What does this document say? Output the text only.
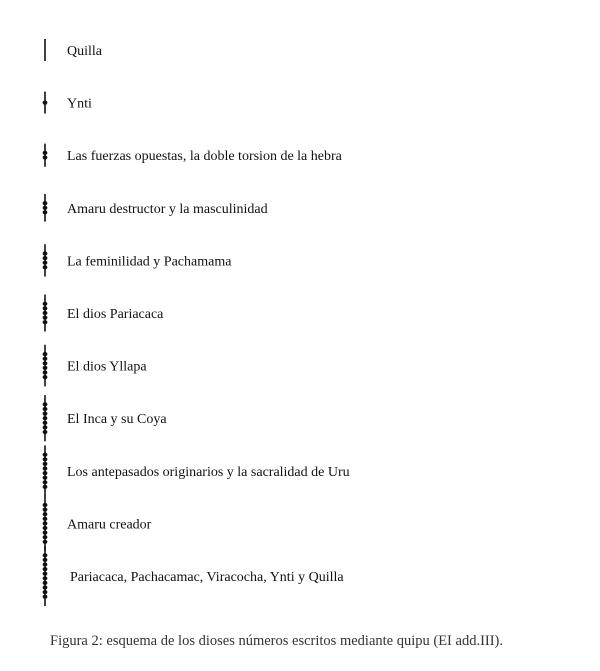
Quilla
Ynti
Las fuerzas opuestas, la doble torsion de la hebra
Amaru destructor y la masculinidad
La feminilidad y Pachamama
El dios Pariacaca
El dios Yllapa
El Inca y su Coya
Los antepasados originarios y la sacralidad de Uru
Amaru creador
Pariacaca, Pachacamac, Viracocha, Ynti y Quilla
Figura 2: esquema de los dioses números escritos mediante quipu (EI add.III).
